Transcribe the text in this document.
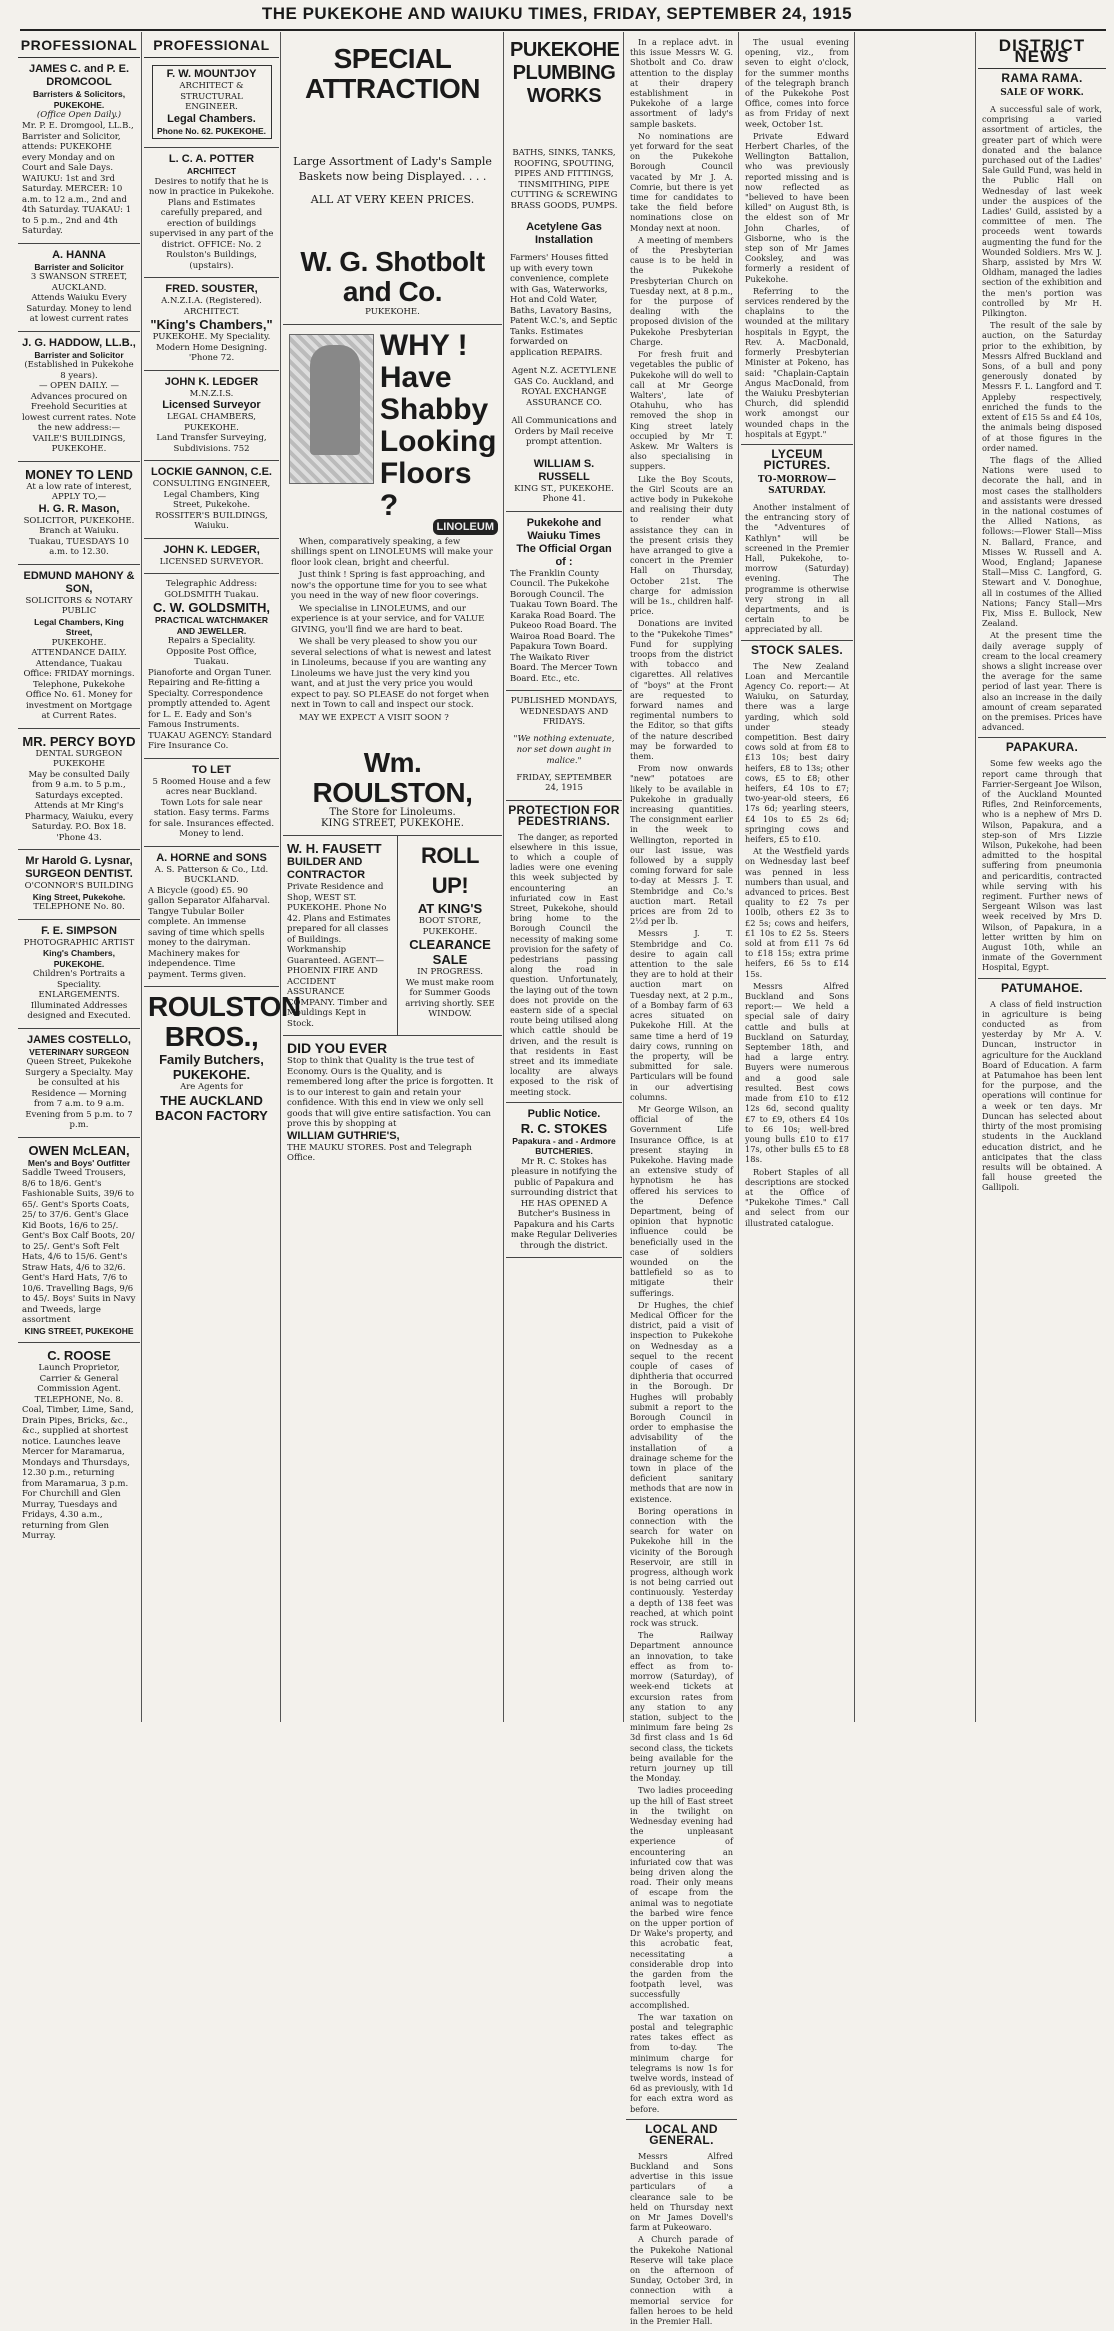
THE PUKEKOHE AND WAIUKU TIMES, FRIDAY, SEPTEMBER 24, 1915
PROFESSIONAL
JAMES C. and P. E. DROMCOOL
Barristers & Solicitors,
PUKEKOHE.
(Office Open Daily.)

Mr. P. E. Dromgool, LL.B., Barrister and Solicitor, attends: PUKEKOHE every Monday and on Court and Sale Days. WAIUKU: 1st and 3rd Saturday. MERCER: 10 a.m. to 12 a.m., 2nd and 4th Saturday. TUAKAU: 1 to 5 p.m., 2nd and 4th Saturday.

A. HANNA
Barrister and Solicitor
3 SWANSON STREET, AUCKLAND.

Attends Waiuku Every Saturday. Money to lend at lowest current rates

J. G. HADDOW, LL.B.,
Barrister and Solicitor
(Established in Pukekohe 8 years).
— OPEN DAILY. —

Advances procured on Freehold Securities at lowest current rates. Note the new address:— VAILE'S BUILDINGS, PUKEKOHE.

MONEY TO LEND
At a low rate of interest,
APPLY TO,—
H. G. R. Mason,

SOLICITOR, PUKEKOHE. Branch at Waiuku. Tuakau, TUESDAYS 10 a.m. to 12.30.

EDMUND MAHONY & SON,
SOLICITORS & NOTARY PUBLIC
Legal Chambers, King Street,
PUKEKOHE.

ATTENDANCE DAILY. Attendance, Tuakau Office: FRIDAY mornings. Telephone, Pukekohe Office No. 61. Money for investment on Mortgage at Current Rates.

MR. PERCY BOYD
DENTAL SURGEON
PUKEKOHE

May be consulted Daily from 9 a.m. to 5 p.m., Saturdays excepted. Attends at Mr King's Pharmacy, Waiuku, every Saturday. P.O. Box 18. 'Phone 43.

Mr Harold G. Lysnar,
SURGEON DENTIST.
O'CONNOR'S BUILDING
King Street, Pukekohe.

TELEPHONE No. 80.

F. E. SIMPSON
PHOTOGRAPHIC ARTIST
King's Chambers,
PUKEKOHE.

Children's Portraits a Speciality. ENLARGEMENTS. Illuminated Addresses designed and Executed.

JAMES COSTELLO,
VETERINARY SURGEON
Queen Street, Pukekohe

Surgery a Specialty. May be consulted at his Residence — Morning from 7 a.m. to 9 a.m. Evening from 5 p.m. to 7 p.m.

OWEN McLEAN,
Men's and Boys' Outfitter

Saddle Tweed Trousers, 8/6 to 18/6. Gent's Fashionable Suits, 39/6 to 65/. Gent's Sports Coats, 25/ to 37/6. Gent's Glace Kid Boots, 16/6 to 25/. Gent's Box Calf Boots, 20/ to 25/. Gent's Soft Felt Hats, 4/6 to 15/6. Gent's Straw Hats, 4/6 to 32/6. Gent's Hard Hats, 7/6 to 10/6. Travelling Bags, 9/6 to 45/. Boys' Suits in Navy and Tweeds, large assortment

KING STREET, PUKEKOHE
C. ROOSE
Launch Proprietor, Carrier & General Commission Agent.
TELEPHONE, No. 8.

Coal, Timber, Lime, Sand, Drain Pipes, Bricks, &c., &c., supplied at shortest notice. Launches leave Mercer for Maramarua, Mondays and Thursdays, 12.30 p.m., returning from Maramarua, 3 p.m. For Churchill and Glen Murray, Tuesdays and Fridays, 4.30 a.m., returning from Glen Murray.

PROFESSIONAL
F. W. MOUNTJOY
ARCHITECT & STRUCTURAL ENGINEER.
Legal Chambers.
Phone No. 62. PUKEKOHE.
L. C. A. POTTER
ARCHITECT

Desires to notify that he is now in practice in Pukekohe. Plans and Estimates carefully prepared, and erection of buildings supervised in any part of the district. OFFICE: No. 2 Roulston's Buildings, (upstairs).

FRED. SOUSTER,
A.N.Z.I.A. (Registered).
ARCHITECT.
"King's Chambers,"

PUKEKOHE. My Speciality. Modern Home Designing. 'Phone 72.

JOHN K. LEDGER
M.N.Z.I.S.
Licensed Surveyor
LEGAL CHAMBERS, PUKEKOHE.

Land Transfer Surveying, Subdivisions. 752

LOCKIE GANNON, C.E.
CONSULTING ENGINEER,
Legal Chambers, King Street, Pukekohe.

ROSSITER'S BUILDINGS, Waiuku.

JOHN K. LEDGER,
LICENSED SURVEYOR.
Telegraphic Address: GOLDSMITH Tuakau.
C. W. GOLDSMITH,
PRACTICAL WATCHMAKER AND JEWELLER.
Repairs a Speciality. Opposite Post Office, Tuakau.

Pianoforte and Organ Tuner. Repairing and Re-fitting a Specialty. Correspondence promptly attended to. Agent for L. E. Eady and Son's Famous Instruments. TUAKAU AGENCY: Standard Fire Insurance Co.

TO LET
5 Roomed House and a few acres near Buckland.

Town Lots for sale near station. Easy terms. Farms for sale. Insurances effected. Money to lend.

A. HORNE and SONS
A. S. Patterson & Co., Ltd.
BUCKLAND.

A Bicycle (good) £5. 90 gallon Separator Alfaharval. Tangye Tubular Boiler complete. An immense saving of time which spells money to the dairyman. Machinery makes for independence. Time payment. Terms given.

ROULSTON BROS.,
Family Butchers,
PUKEKOHE.
Are Agents for
THE AUCKLAND BACON FACTORY
SPECIAL ATTRACTION
Large Assortment of Lady's Sample Baskets now being Displayed. . . .
ALL AT VERY KEEN PRICES.
W. G. Shotbolt and Co.
PUKEKOHE.
WHY !
Have
Shabby
Looking
Floors ?
LINOLEUM

When, comparatively speaking, a few shillings spent on LINOLEUMS will make your floor look clean, bright and cheerful.

Just think ! Spring is fast approaching, and now's the opportune time for you to see what you need in the way of new floor coverings.

We specialise in LINOLEUMS, and our experience is at your service, and for VALUE GIVING, you'll find we are hard to beat.

We shall be very pleased to show you our several selections of what is newest and latest in Linoleums, because if you are wanting any Linoleums we have just the very kind you want, and at just the very price you would expect to pay. SO PLEASE do not forget when next in Town to call and inspect our stock.

MAY WE EXPECT A VISIT SOON ?

Wm. ROULSTON,
The Store for Linoleums.
KING STREET, PUKEKOHE.
W. H. FAUSETT
BUILDER AND CONTRACTOR

Private Residence and Shop, WEST ST. PUKEKOHE. Phone No 42. Plans and Estimates prepared for all classes of Buildings. Workmanship Guaranteed. AGENT—PHOENIX FIRE AND ACCIDENT ASSURANCE COMPANY. Timber and Mouldings Kept in Stock.

ROLL UP!
AT KING'S
BOOT STORE, PUKEKOHE.
CLEARANCE SALE
IN PROGRESS.

We must make room for Summer Goods arriving shortly. SEE WINDOW.

DID YOU EVER

Stop to think that Quality is the true test of Economy. Ours is the Quality, and is remembered long after the price is forgotten. It is to our interest to gain and retain your confidence. With this end in view we only sell goods that will give entire satisfaction. You can prove this by shopping at

WILLIAM GUTHRIE'S,
THE MAUKU STORES. Post and Telegraph Office.
PUKEKOHE PLUMBING WORKS

BATHS, SINKS, TANKS, ROOFING, SPOUTING, PIPES AND FITTINGS, TINSMITHING, PIPE CUTTING & SCREWING BRASS GOODS, PUMPS.

Acetylene Gas Installation

Farmers' Houses fitted up with every town convenience, complete with Gas, Waterworks, Hot and Cold Water, Baths, Lavatory Basins, Patent W.C.'s, and Septic Tanks. Estimates forwarded on application REPAIRS.

Agent N.Z. ACETYLENE GAS Co. Auckland, and ROYAL EXCHANGE ASSURANCE CO.

All Communications and Orders by Mail receive prompt attention.

WILLIAM S. RUSSELL
KING ST., PUKEKOHE.
Phone 41.
Pukekohe and Waiuku Times
The Official Organ of :

The Franklin County Council. The Pukekohe Borough Council. The Tuakau Town Board. The Karaka Road Board. The Pukeoo Road Board. The Wairoa Road Board. The Papakura Town Board. The Waikato River Board. The Mercer Town Board. Etc., etc.

PUBLISHED MONDAYS, WEDNESDAYS AND FRIDAYS.
"We nothing extenuate, nor set down aught in malice."
FRIDAY, SEPTEMBER 24, 1915
PROTECTION FOR PEDESTRIANS.

The danger, as reported elsewhere in this issue, to which a couple of ladies were one evening this week subjected by encountering an infuriated cow in East Street, Pukekohe, should bring home to the Borough Council the necessity of making some provision for the safety of pedestrians passing along the road in question. Unfortunately, the laying out of the town does not provide on the eastern side of a special route being utilised along which cattle should be driven, and the result is that residents in East street and its immediate locality are always exposed to the risk of meeting stock.

Public Notice.
R. C. STOKES
Papakura - and - Ardmore BUTCHERIES.

Mr R. C. Stokes has pleasure in notifying the public of Papakura and surrounding district that HE HAS OPENED A Butcher's Business in Papakura and his Carts make Regular Deliveries through the district.

In a replace advt. in this issue Messrs W. G. Shotbolt and Co. draw attention to the display at their drapery establishment in Pukekohe of a large assortment of lady's sample baskets.

No nominations are yet forward for the seat on the Pukekohe Borough Council vacated by Mr J. A. Comrie, but there is yet time for candidates to take the field before nominations close on Monday next at noon.

A meeting of members of the Presbyterian cause is to be held in the Pukekohe Presbyterian Church on Tuesday next, at 8 p.m., for the purpose of dealing with the proposed division of the Pukekohe Presbyterian Charge.

For fresh fruit and vegetables the public of Pukekohe will do well to call at Mr George Walters', late of Otahuhu, who has removed the shop in King street lately occupied by Mr T. Askew. Mr Walters is also specialising in suppers.

Like the Boy Scouts, the Girl Scouts are an active body in Pukekohe and realising their duty to render what assistance they can in the present crisis they have arranged to give a concert in the Premier Hall on Thursday, October 21st. The charge for admission will be 1s., children half-price.

Donations are invited to the "Pukekohe Times" Fund for supplying troops from the district with tobacco and cigarettes. All relatives of "boys" at the Front are requested to forward names and regimental numbers to the Editor, so that gifts of the nature described may be forwarded to them.

From now onwards "new" potatoes are likely to be available in Pukekohe in gradually increasing quantities. The consignment earlier in the week to Wellington, reported in our last issue, was followed by a supply coming forward for sale to-day at Messrs J. T. Stembridge and Co.'s auction mart. Retail prices are from 2d to 2½d per lb.

Messrs J. T. Stembridge and Co. desire to again call attention to the sale they are to hold at their auction mart on Tuesday next, at 2 p.m., of a Bombay farm of 63 acres situated on Pukekohe Hill. At the same time a herd of 19 dairy cows, running on the property, will be submitted for sale. Particulars will be found in our advertising columns.

Mr George Wilson, an official of the Government Life Insurance Office, is at present staying in Pukekohe. Having made an extensive study of hypnotism he has offered his services to the Defence Department, being of opinion that hypnotic influence could be beneficially used in the case of soldiers wounded on the battlefield so as to mitigate their sufferings.

Dr Hughes, the chief Medical Officer for the district, paid a visit of inspection to Pukekohe on Wednesday as a sequel to the recent couple of cases of diphtheria that occurred in the Borough. Dr Hughes will probably submit a report to the Borough Council in order to emphasise the advisability of the installation of a drainage scheme for the town in place of the deficient sanitary methods that are now in existence.

Boring operations in connection with the search for water on Pukekohe hill in the vicinity of the Borough Reservoir, are still in progress, although work is not being carried out continuously. Yesterday a depth of 138 feet was reached, at which point rock was struck.

The Railway Department announce an innovation, to take effect as from to-morrow (Saturday), of week-end tickets at excursion rates from any station to any station, subject to the minimum fare being 2s 3d first class and 1s 6d second class, the tickets being available for the return journey up till the Monday.

Two ladies proceeding up the hill of East street in the twilight on Wednesday evening had the unpleasant experience of encountering an infuriated cow that was being driven along the road. Their only means of escape from the animal was to negotiate the barbed wire fence on the upper portion of Dr Wake's property, and this acrobatic feat, necessitating a considerable drop into the garden from the footpath level, was successfully accomplished.

The war taxation on postal and telegraphic rates takes effect as from to-day. The minimum charge for telegrams is now 1s for twelve words, instead of 6d as previously, with 1d for each extra word as before.

LOCAL AND GENERAL.

Messrs Alfred Buckland and Sons advertise in this issue particulars of a clearance sale to be held on Thursday next on Mr James Dovell's farm at Pukeowaro.

A Church parade of the Pukekohe National Reserve will take place on the afternoon of Sunday, October 3rd, in connection with a memorial service for fallen heroes to be held in the Premier Hall.

The usual evening opening, viz., from seven to eight o'clock, for the summer months of the telegraph branch of the Pukekohe Post Office, comes into force as from Friday of next week, October 1st.

Private Edward Herbert Charles, of the Wellington Battalion, who was previously reported missing and is now reflected as "believed to have been killed" on August 8th, is the eldest son of Mr John Charles, of Gisborne, who is the step son of Mr James Cooksley, and was formerly a resident of Pukekohe.

Referring to the services rendered by the chaplains to the wounded at the military hospitals in Egypt, the Rev. A. MacDonald, formerly Presbyterian Minister at Pokeno, has said: "Chaplain-Captain Angus MacDonald, from the Waiuku Presbyterian Church, did splendid work amongst our wounded chaps in the hospitals at Egypt."

LYCEUM PICTURES.
TO-MORROW—SATURDAY.

Another instalment of the entrancing story of the "Adventures of Kathlyn" will be screened in the Premier Hall, Pukekohe, to-morrow (Saturday) evening. The programme is otherwise very strong in all departments, and is certain to be appreciated by all.

STOCK SALES.

The New Zealand Loan and Mercantile Agency Co. report:— At Waiuku, on Saturday, there was a large yarding, which sold under steady competition. Best dairy cows sold at from £8 to £13 10s; best dairy heifers, £8 to 13s; other cows, £5 to £8; other heifers, £4 10s to £7; two-year-old steers, £6 17s 6d; yearling steers, £4 10s to £5 2s 6d; springing cows and heifers, £5 to £10.

At the Westfield yards on Wednesday last beef was penned in less numbers than usual, and advanced to prices. Best quality to £2 7s per 100lb, others £2 3s to £2 5s; cows and heifers, £1 10s to £2 5s. Steers sold at from £11 7s 6d to £18 15s; extra prime heifers, £6 5s to £14 15s.

Messrs Alfred Buckland and Sons report:— We held a special sale of dairy cattle and bulls at Buckland on Saturday, September 18th, and had a large entry. Buyers were numerous and a good sale resulted. Best cows made from £10 to £12 12s 6d, second quality £7 to £9, others £4 10s to £6 10s; well-bred young bulls £10 to £17 17s, other bulls £5 to £8 18s.

Robert Staples of all descriptions are stocked at the Office of "Pukekohe Times." Call and select from our illustrated catalogue.

DISTRICT NEWS
RAMA RAMA.
SALE OF WORK.

A successful sale of work, comprising a varied assortment of articles, the greater part of which were donated and the balance purchased out of the Ladies' Sale Guild Fund, was held in the Public Hall on Wednesday of last week under the auspices of the Ladies' Guild, assisted by a committee of men. The proceeds went towards augmenting the fund for the Wounded Soldiers. Mrs W. J. Sharp, assisted by Mrs W. Oldham, managed the ladies section of the exhibition and the men's portion was controlled by Mr H. Pilkington.

The result of the sale by auction, on the Saturday prior to the exhibition, by Messrs Alfred Buckland and Sons, of a bull and pony generously donated by Messrs F. L. Langford and T. Appleby respectively, enriched the funds to the extent of £15 5s and £4 10s, the animals being disposed of at those figures in the order named.

The flags of the Allied Nations were used to decorate the hall, and in most cases the stallholders and assistants were dressed in the national costumes of the Allied Nations, as follows:—Flower Stall—Miss N. Ballard, France, and Misses W. Russell and A. Wood, England; Japanese Stall—Miss C. Langford, G. Stewart and V. Donoghue, all in costumes of the Allied Nations; Fancy Stall—Mrs Fix, Miss E. Bullock, New Zealand.

At the present time the daily average supply of cream to the local creamery shows a slight increase over the average for the same period of last year. There is also an increase in the daily amount of cream separated on the premises. Prices have advanced.

PAPAKURA.

Some few weeks ago the report came through that Farrier-Sergeant Joe Wilson, of the Auckland Mounted Rifles, 2nd Reinforcements, who is a nephew of Mrs D. Wilson, Papakura, and a step-son of Mrs Lizzie Wilson, Pukekohe, had been admitted to the hospital suffering from pneumonia and pericarditis, contracted while serving with his regiment. Further news of Sergeant Wilson was last week received by Mrs D. Wilson, of Papakura, in a letter written by him on August 10th, while an inmate of the Government Hospital, Egypt.

PATUMAHOE.

A class of field instruction in agriculture is being conducted as from yesterday by Mr A. V. Duncan, instructor in agriculture for the Auckland Board of Education. A farm at Patumahoe has been lent for the purpose, and the operations will continue for a week or ten days. Mr Duncan has selected about thirty of the most promising students in the Auckland education district, and he anticipates that the class results will be obtained. A fall house greeted the Gallipoli.
